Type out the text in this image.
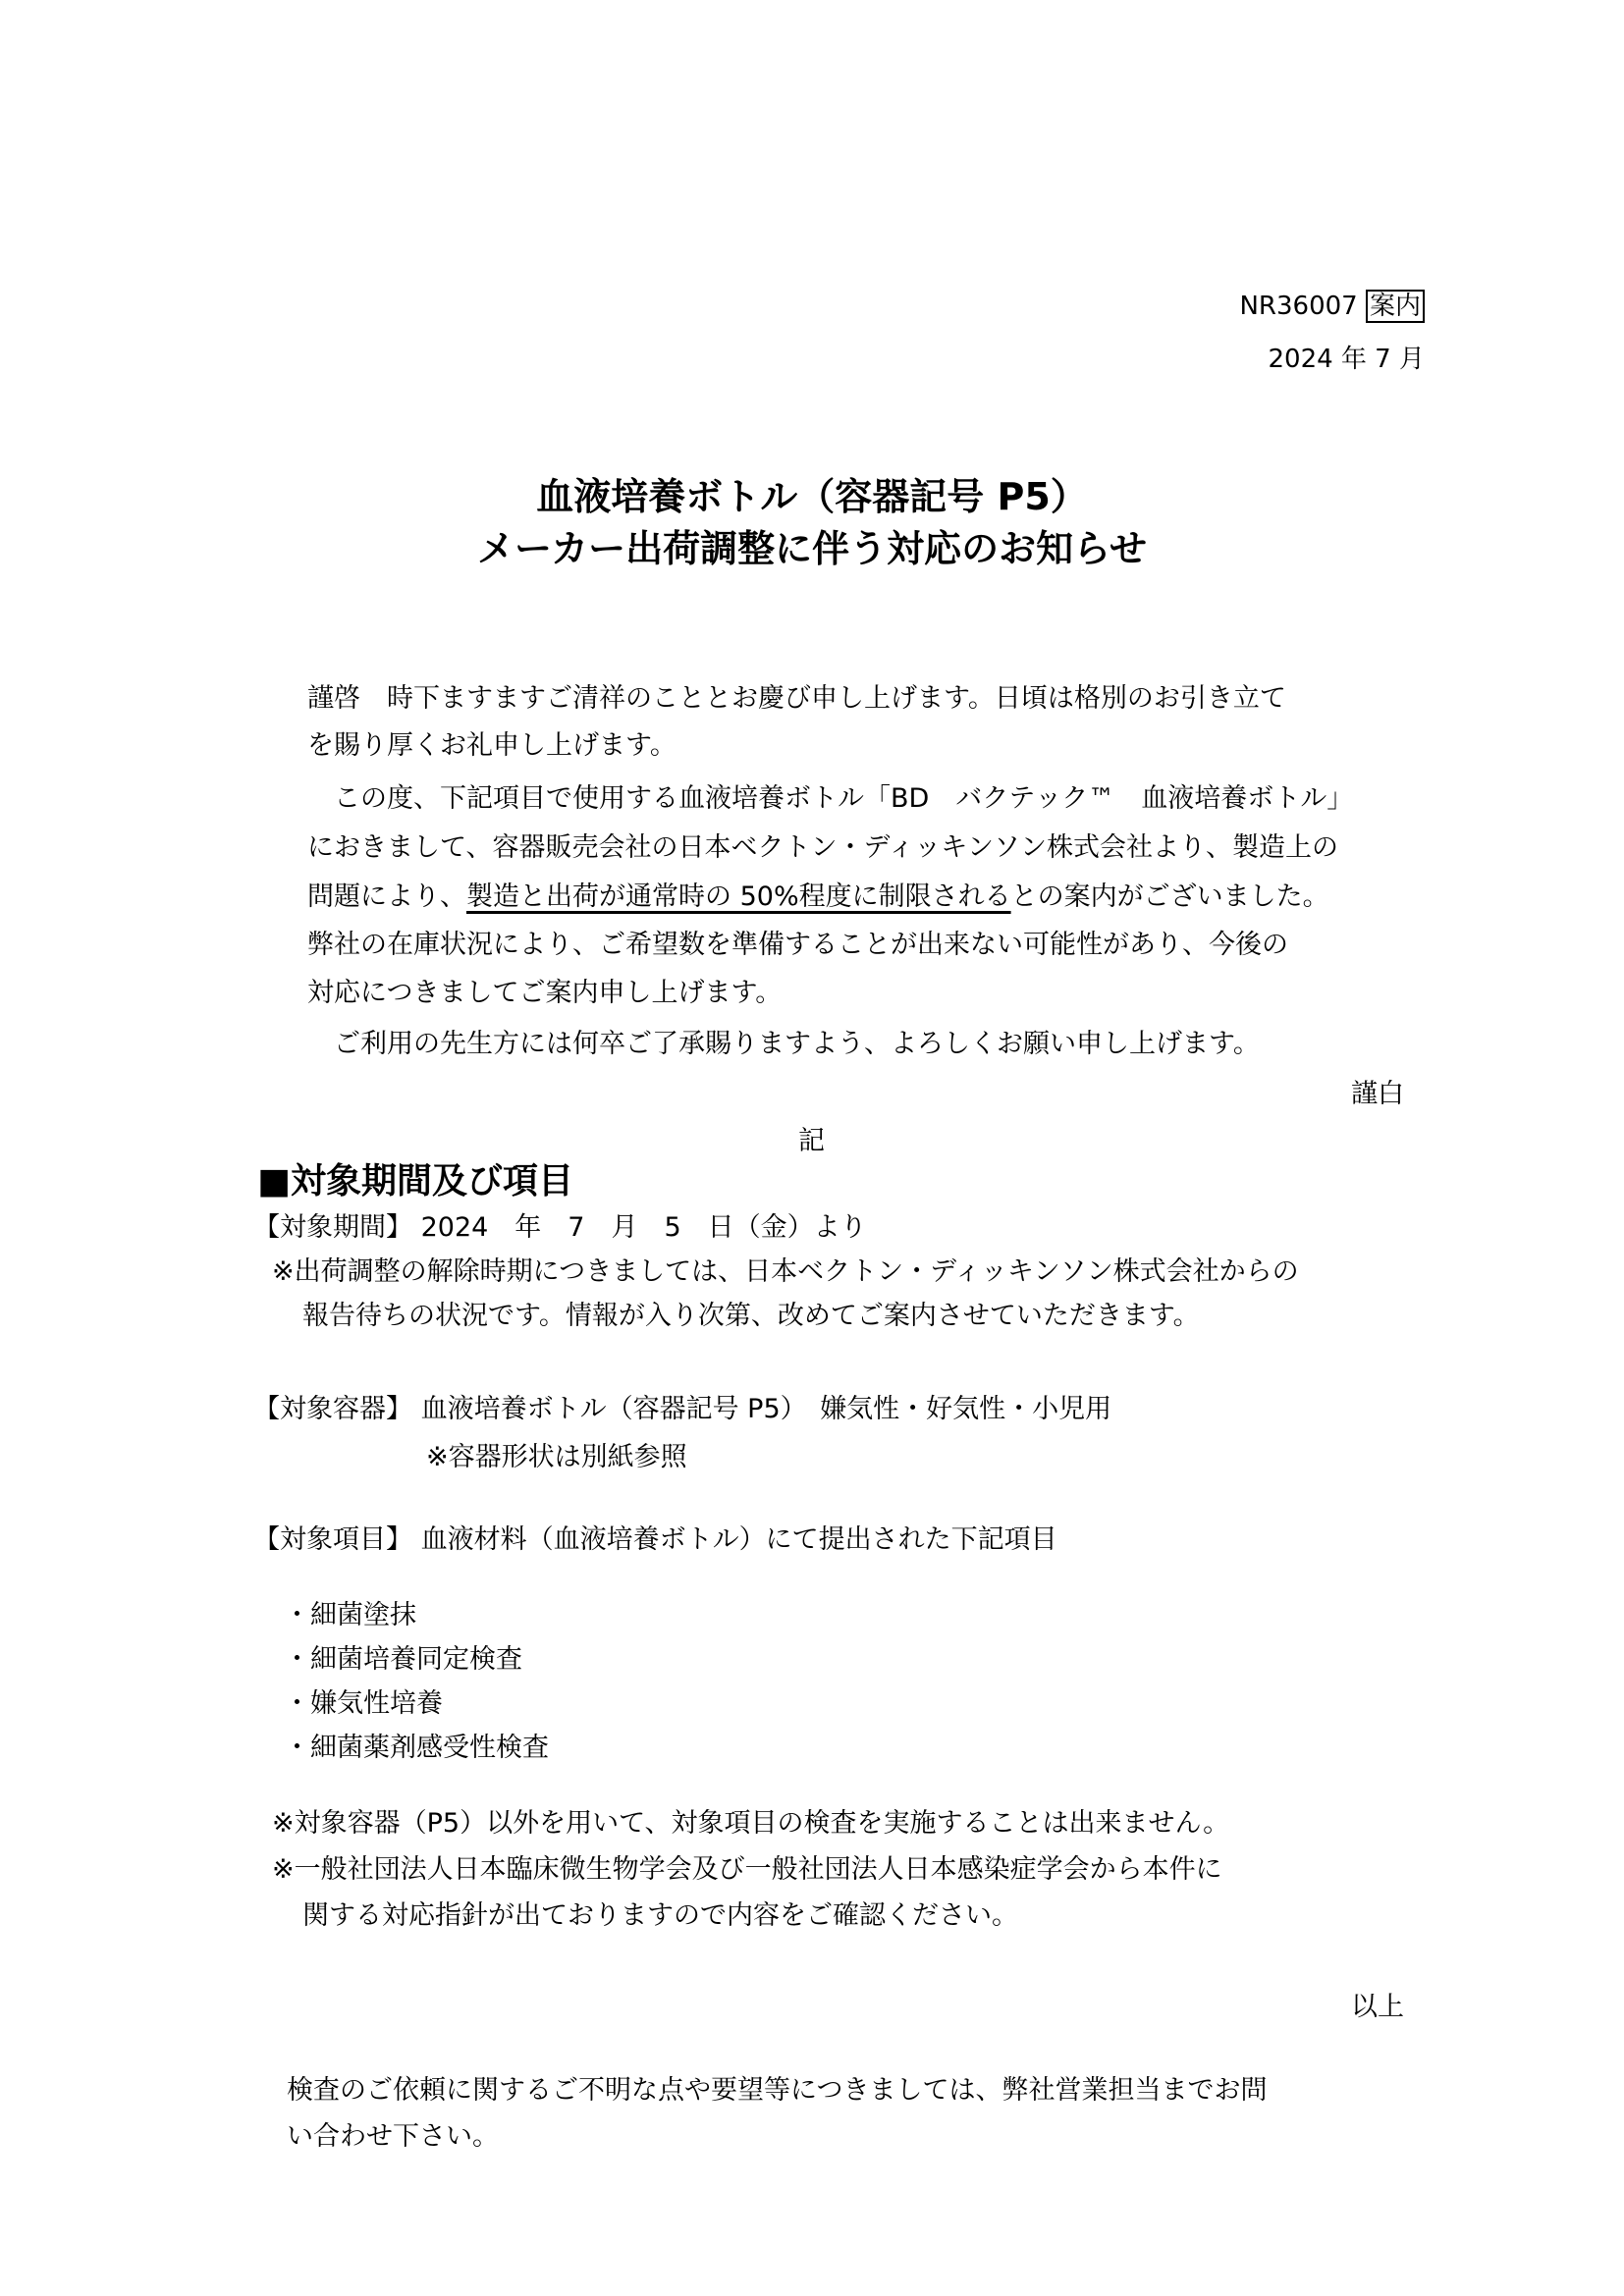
NR36007 案内
2024 年 7 月
血液培養ボトル（容器記号 P5）
メーカー出荷調整に伴う対応のお知らせ
謹啓　時下ますますご清祥のこととお慶び申し上げます。日頃は格別のお引き立て
を賜り厚くお礼申し上げます。
　この度、下記項目で使用する血液培養ボトル「BD　バクテック™　血液培養ボトル」
におきまして、容器販売会社の日本ベクトン・ディッキンソン株式会社より、製造上の
問題により、製造と出荷が通常時の 50%程度に制限されるとの案内がございました。
弊社の在庫状況により、ご希望数を準備することが出来ない可能性があり、今後の
対応につきましてご案内申し上げます。
　ご利用の先生方には何卒ご了承賜りますよう、よろしくお願い申し上げます。
謹白
記
■対象期間及び項目
【対象期間】 2024　年　7　月　5　日（金）より
※出荷調整の解除時期につきましては、日本ベクトン・ディッキンソン株式会社からの
報告待ちの状況です。情報が入り次第、改めてご案内させていただきます。
【対象容器】 血液培養ボトル（容器記号 P5）　嫌気性・好気性・小児用
※容器形状は別紙参照
【対象項目】 血液材料（血液培養ボトル）にて提出された下記項目
・細菌塗抹
・細菌培養同定検査
・嫌気性培養
・細菌薬剤感受性検査
※対象容器（P5）以外を用いて、対象項目の検査を実施することは出来ません。
※一般社団法人日本臨床微生物学会及び一般社団法人日本感染症学会から本件に
関する対応指針が出ておりますので内容をご確認ください。
以上
検査のご依頼に関するご不明な点や要望等につきましては、弊社営業担当までお問
い合わせ下さい。
